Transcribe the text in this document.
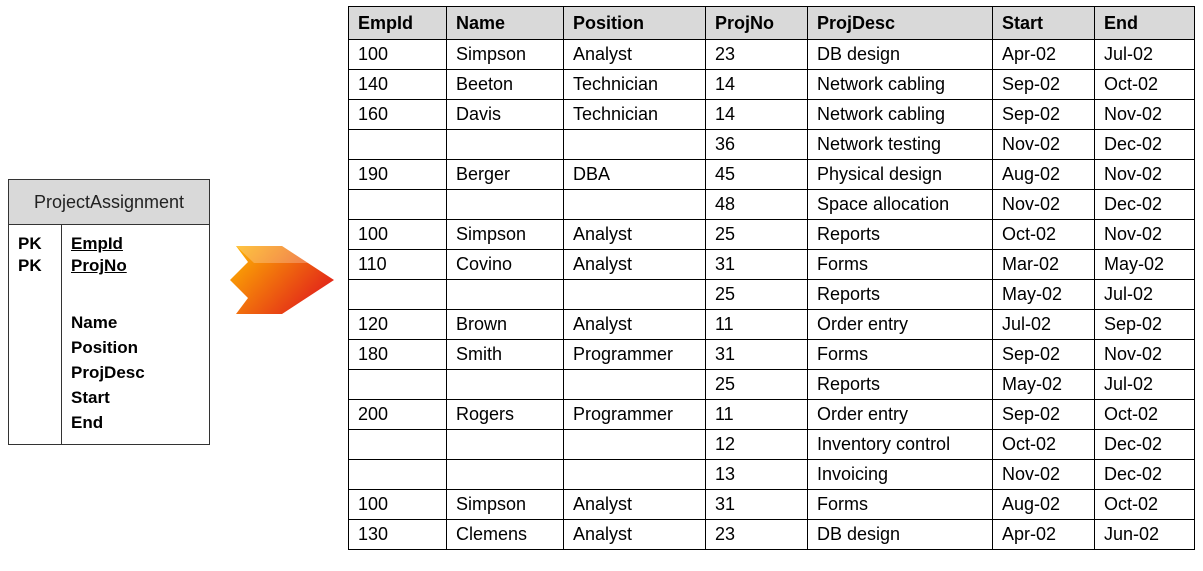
ProjectAssignment
PK EmpId
PK ProjNo
Name
Position
ProjDesc
Start
End
EmpId	Name	Position	ProjNo	ProjDesc	Start	End
100	Simpson	Analyst	23	DB design	Apr-02	Jul-02
140	Beeton	Technician	14	Network cabling	Sep-02	Oct-02
160	Davis	Technician	14	Network cabling	Sep-02	Nov-02
			36	Network testing	Nov-02	Dec-02
190	Berger	DBA	45	Physical design	Aug-02	Nov-02
			48	Space allocation	Nov-02	Dec-02
100	Simpson	Analyst	25	Reports	Oct-02	Nov-02
110	Covino	Analyst	31	Forms	Mar-02	May-02
			25	Reports	May-02	Jul-02
120	Brown	Analyst	11	Order entry	Jul-02	Sep-02
180	Smith	Programmer	31	Forms	Sep-02	Nov-02
			25	Reports	May-02	Jul-02
200	Rogers	Programmer	11	Order entry	Sep-02	Oct-02
			12	Inventory control	Oct-02	Dec-02
			13	Invoicing	Nov-02	Dec-02
100	Simpson	Analyst	31	Forms	Aug-02	Oct-02
130	Clemens	Analyst	23	DB design	Apr-02	Jun-02
